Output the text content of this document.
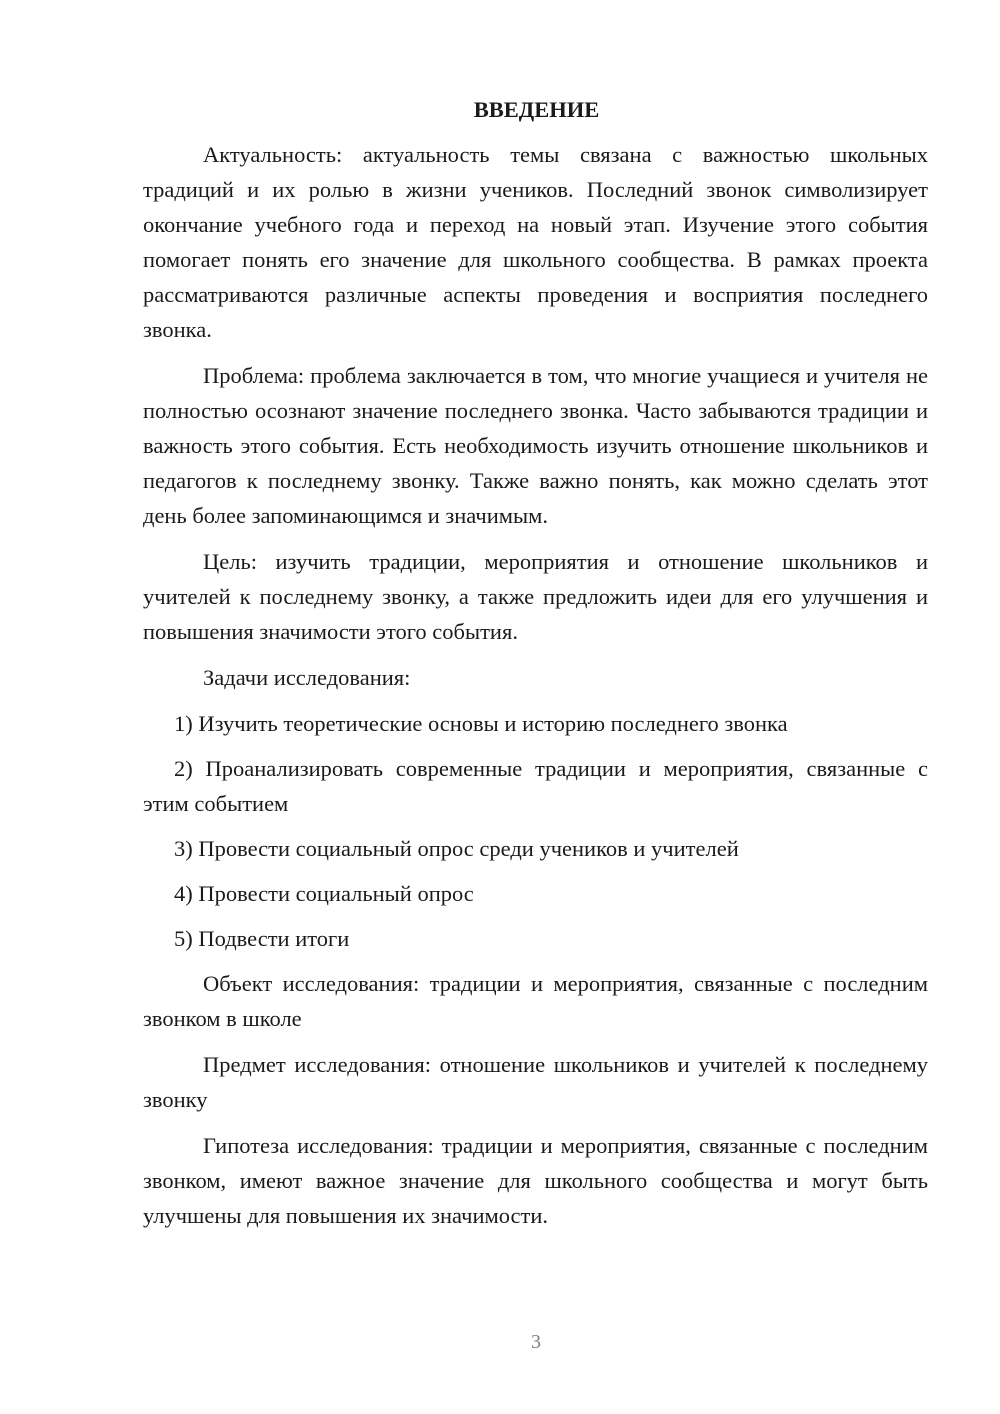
ВВЕДЕНИЕ

Актуальность: актуальность темы связана с важностью школьных традиций и их ролью в жизни учеников. Последний звонок символизирует окончание учебного года и переход на новый этап. Изучение этого события помогает понять его значение для школьного сообщества. В рамках проекта рассматриваются различные аспекты проведения и восприятия последнего звонка.

Проблема: проблема заключается в том, что многие учащиеся и учителя не полностью осознают значение последнего звонка. Часто забываются традиции и важность этого события. Есть необходимость изучить отношение школьников и педагогов к последнему звонку. Также важно понять, как можно сделать этот день более запоминающимся и значимым.

Цель: изучить традиции, мероприятия и отношение школьников и учителей к последнему звонку, а также предложить идеи для его улучшения и повышения значимости этого события.

Задачи исследования:

1) Изучить теоретические основы и историю последнего звонка

2) Проанализировать современные традиции и мероприятия, связанные с этим событием

3) Провести социальный опрос среди учеников и учителей

4) Провести социальный опрос

5) Подвести итоги

Объект исследования: традиции и мероприятия, связанные с последним звонком в школе

Предмет исследования: отношение школьников и учителей к последнему звонку

Гипотеза исследования: традиции и мероприятия, связанные с последним звонком, имеют важное значение для школьного сообщества и могут быть улучшены для повышения их значимости.

3
